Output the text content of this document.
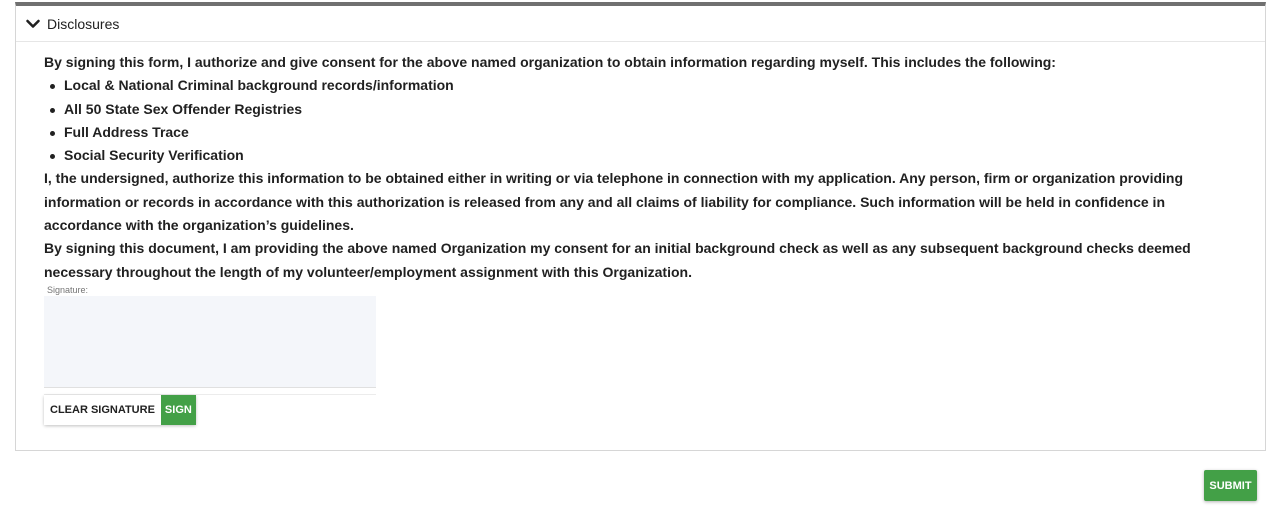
Disclosures

By signing this form, I authorize and give consent for the above named organization to obtain information regarding myself. This includes the following:

Local & National Criminal background records/information
All 50 State Sex Offender Registries
Full Address Trace
Social Security Verification

I, the undersigned, authorize this information to be obtained either in writing or via telephone in connection with my application. Any person, firm or organization providing information or records in accordance with this authorization is released from any and all claims of liability for compliance. Such information will be held in confidence in accordance with the organization’s guidelines.

By signing this document, I am providing the above named Organization my consent for an initial background check as well as any subsequent background checks deemed necessary throughout the length of my volunteer/employment assignment with this Organization.

Signature:
CLEAR SIGNATURE SIGN
SUBMIT
